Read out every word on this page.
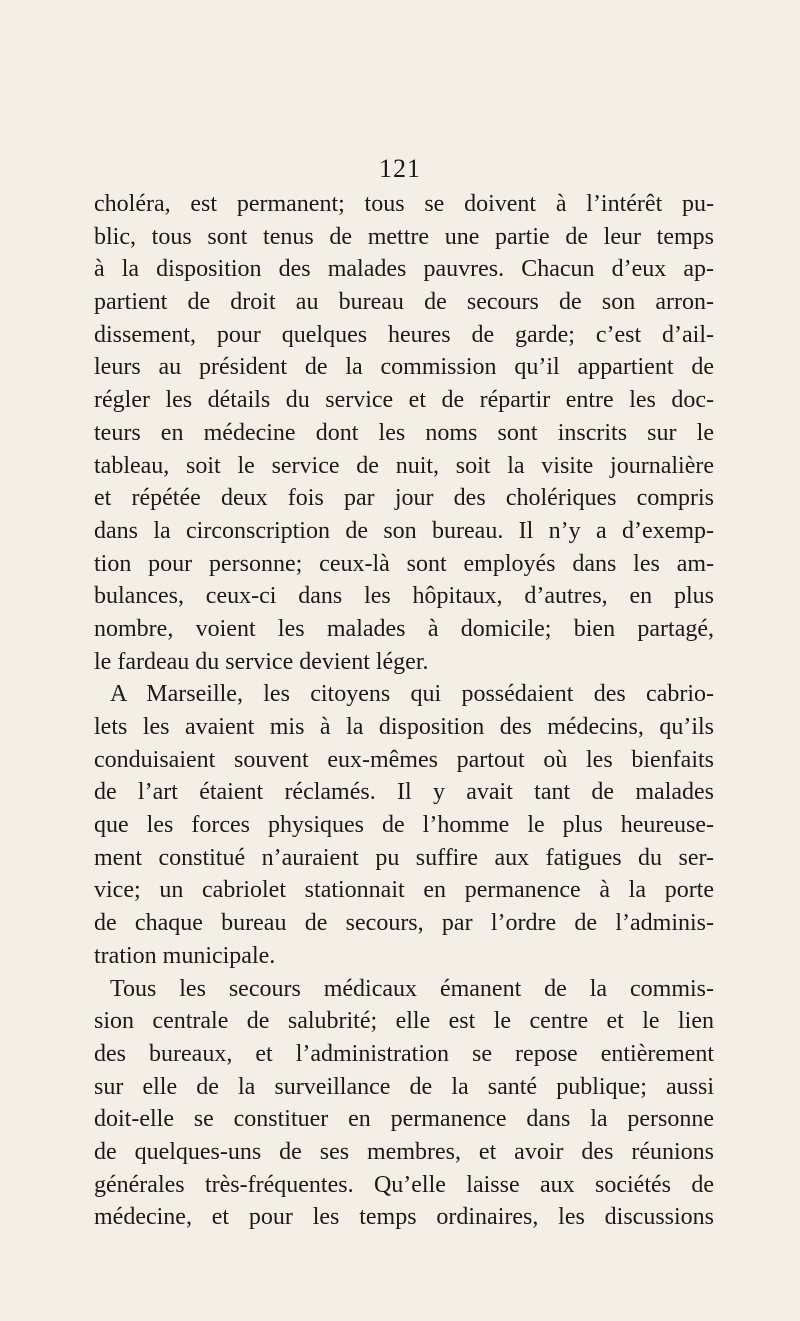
121
choléra, est permanent; tous se doivent à l’intérêt pu-
blic, tous sont tenus de mettre une partie de leur temps
à la disposition des malades pauvres. Chacun d’eux ap-
partient de droit au bureau de secours de son arron-
dissement, pour quelques heures de garde; c’est d’ail-
leurs au président de la commission qu’il appartient de
régler les détails du service et de répartir entre les doc-
teurs en médecine dont les noms sont inscrits sur le
tableau, soit le service de nuit, soit la visite journalière
et répétée deux fois par jour des cholériques compris
dans la circonscription de son bureau. Il n’y a d’exemp-
tion pour personne; ceux-là sont employés dans les am-
bulances, ceux-ci dans les hôpitaux, d’autres, en plus
nombre, voient les malades à domicile; bien partagé,
le fardeau du service devient léger.
A Marseille, les citoyens qui possédaient des cabrio-
lets les avaient mis à la disposition des médecins, qu’ils
conduisaient souvent eux-mêmes partout où les bienfaits
de l’art étaient réclamés. Il y avait tant de malades
que les forces physiques de l’homme le plus heureuse-
ment constitué n’auraient pu suffire aux fatigues du ser-
vice; un cabriolet stationnait en permanence à la porte
de chaque bureau de secours, par l’ordre de l’adminis-
tration municipale.
Tous les secours médicaux émanent de la commis-
sion centrale de salubrité; elle est le centre et le lien
des bureaux, et l’administration se repose entièrement
sur elle de la surveillance de la santé publique; aussi
doit-elle se constituer en permanence dans la personne
de quelques-uns de ses membres, et avoir des réunions
générales très-fréquentes. Qu’elle laisse aux sociétés de
médecine, et pour les temps ordinaires, les discussions
